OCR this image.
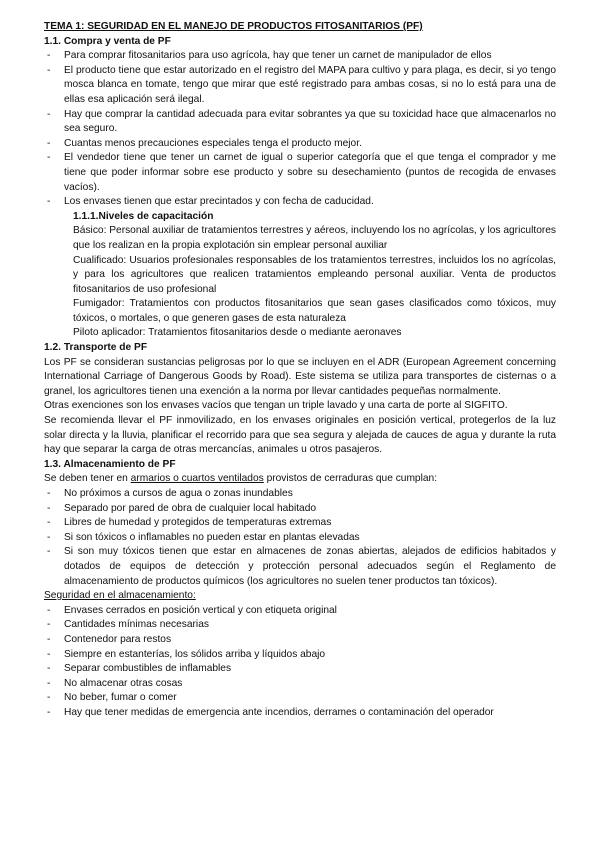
TEMA 1: SEGURIDAD EN EL MANEJO DE PRODUCTOS FITOSANITARIOS (PF)
1.1. Compra y venta de PF
- Para comprar fitosanitarios para uso agrícola, hay que tener un carnet de manipulador de ellos
- El producto tiene que estar autorizado en el registro del MAPA para cultivo y para plaga, es decir, si yo tengo mosca blanca en tomate, tengo que mirar que esté registrado para ambas cosas, si no lo está para una de ellas esa aplicación será ilegal.
- Hay que comprar la cantidad adecuada para evitar sobrantes ya que su toxicidad hace que almacenarlos no sea seguro.
- Cuantas menos precauciones especiales tenga el producto mejor.
- El vendedor tiene que tener un carnet de igual o superior categoría que el que tenga el comprador y me tiene que poder informar sobre ese producto y sobre su desechamiento (puntos de recogida de envases vacíos).
- Los envases tienen que estar precintados y con fecha de caducidad.
1.1.1.Niveles de capacitación

Básico: Personal auxiliar de tratamientos terrestres y aéreos, incluyendo los no agrícolas, y los agricultores que los realizan en la propia explotación sin emplear personal auxiliar

Cualificado: Usuarios profesionales responsables de los tratamientos terrestres, incluidos los no agrícolas, y para los agricultores que realicen tratamientos empleando personal auxiliar. Venta de productos fitosanitarios de uso profesional

Fumigador: Tratamientos con productos fitosanitarios que sean gases clasificados como tóxicos, muy tóxicos, o mortales, o que generen gases de esta naturaleza

Piloto aplicador: Tratamientos fitosanitarios desde o mediante aeronaves

1.2. Transporte de PF

Los PF se consideran sustancias peligrosas por lo que se incluyen en el ADR (European Agreement concerning International Carriage of Dangerous Goods by Road). Este sistema se utiliza para transportes de cisternas o a granel, los agricultores tienen una exención a la norma por llevar cantidades pequeñas normalmente.

Otras exenciones son los envases vacíos que tengan un triple lavado y una carta de porte al SIGFITO.

Se recomienda llevar el PF inmovilizado, en los envases originales en posición vertical, protegerlos de la luz solar directa y la lluvia, planificar el recorrido para que sea segura y alejada de cauces de agua y durante la ruta hay que separar la carga de otras mercancías, animales u otros pasajeros.

1.3. Almacenamiento de PF

Se deben tener en armarios o cuartos ventilados provistos de cerraduras que cumplan:

- No próximos a cursos de agua o zonas inundables
- Separado por pared de obra de cualquier local habitado
- Libres de humedad y protegidos de temperaturas extremas
- Si son tóxicos o inflamables no pueden estar en plantas elevadas
- Si son muy tóxicos tienen que estar en almacenes de zonas abiertas, alejados de edificios habitados y dotados de equipos de detección y protección personal adecuados según el Reglamento de almacenamiento de productos químicos (los agricultores no suelen tener productos tan tóxicos).

Seguridad en el almacenamiento:

- Envases cerrados en posición vertical y con etiqueta original
- Cantidades mínimas necesarias
- Contenedor para restos
- Siempre en estanterías, los sólidos arriba y líquidos abajo
- Separar combustibles de inflamables
- No almacenar otras cosas
- No beber, fumar o comer
- Hay que tener medidas de emergencia ante incendios, derrames o contaminación del operador
